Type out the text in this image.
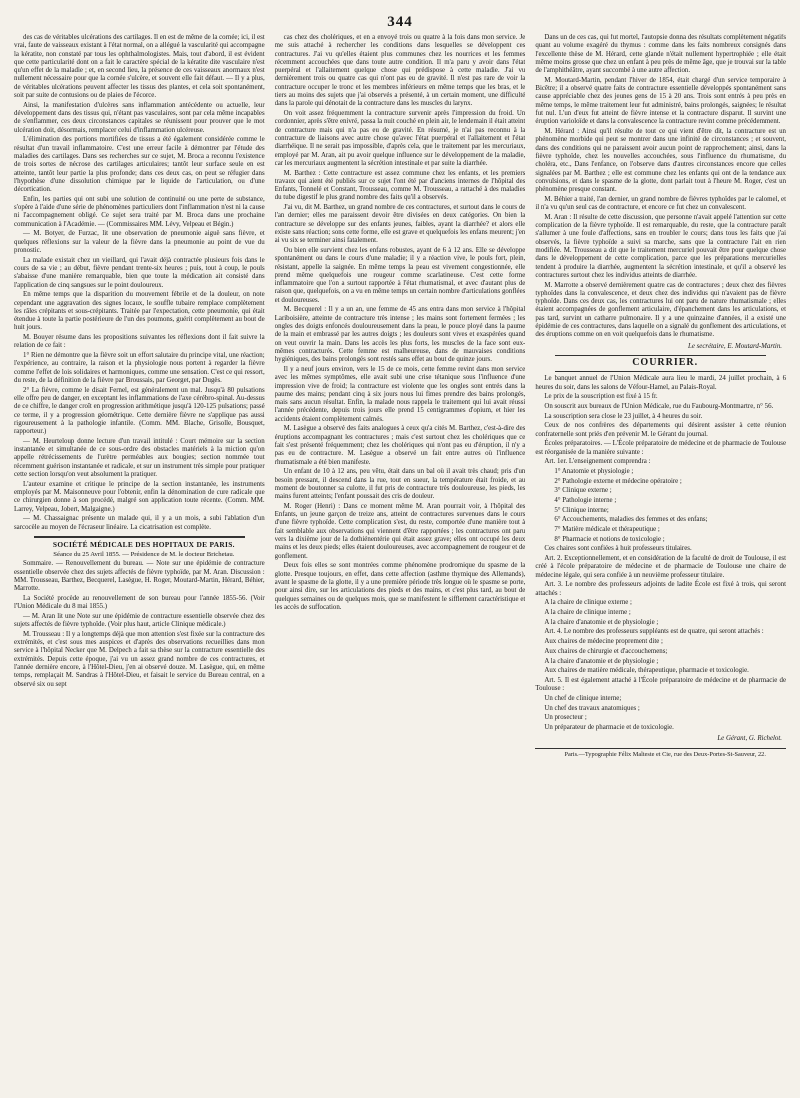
344

des cas de véritables ulcérations des cartilages. Il en est de même de la cornée; ici, il est vrai, faute de vaisseaux existant à l'état normal, on a allégué la vascularité qui accompagne la kératite, non constaté par tous les ophthalmologistes. Mais, tout d'abord, il est évident que cette particularité dont on a fait le caractère spécial de la kératite dite vasculaire n'est qu'un effet de la maladie ; et, en second lieu, la présence de ces vaisseaux anormaux n'est nullement nécessaire pour que la cornée s'ulcère, et souvent elle fait défaut. — Il y a plus, de véritables ulcérations peuvent affecter les tissus des plantes, et cela soit spontanément, soit par suite de contusions ou de plaies de l'écorce.

Ainsi, la manifestation d'ulcères sans inflammation antécédente ou actuelle, leur développement dans des tissus qui, n'étant pas vasculaires, sont par cela même incapables de s'enflammer, ces deux circonstances capitales se réunissent pour prouver que le mot ulcération doit, désormais, remplacer celui d'inflammation ulcéreuse.

L'élimination des portions mortifiées de tissus a été également considérée comme le résultat d'un travail inflammatoire. C'est une erreur facile à démontrer par l'étude des maladies des cartilages. Dans ses recherches sur ce sujet, M. Broca a reconnu l'existence de trois sortes de nécrose des cartilages articulaires; tantôt leur surface seule en est atteinte, tantôt leur partie la plus profonde; dans ces deux cas, on peut se réfugier dans l'hypothèse d'une dissolution chimique par le liquide de l'articulation, ou d'une décortication.

Enfin, les parties qui ont subi une solution de continuité ou une perte de substance, s'opère à l'aide d'une série de phénomènes particuliers dont l'inflammation n'est ni la cause ni l'accompagnement obligé. Ce sujet sera traité par M. Broca dans une prochaine communication à l'Académie. — (Commissaires MM. Lévy, Velpeau et Bégin.)

— M. Botyer, de Furzac, lit une observation de pneumonie aiguë sans fièvre, et quelques réflexions sur la valeur de la fièvre dans la pneumonie au point de vue du pronostic.

La malade existait chez un vieillard, qui l'avait déjà contractée plusieurs fois dans le cours de sa vie ; au début, fièvre pendant trente-six heures ; puis, tout à coup, le pouls s'abaisse d'une manière remarquable, bien que toute la médication ait consisté dans l'application de cinq sangsues sur le point douloureux.

En même temps que la disparition du mouvement fébrile et de la douleur, on note cependant une aggravation des signes locaux, le souffle tubaire remplace complètement les râles crépitants et sous-crépitants. Traitée par l'expectation, cette pneumonie, qui était étendue à toute la partie postérieure de l'un des poumons, guérit complètement au bout de huit jours.

M. Bouyer résume dans les propositions suivantes les réflexions dont il fait suivre la relation de ce fait :

1° Rien ne démontre que la fièvre soit un effort salutaire du principe vital, une réaction; l'expérience, au contraire, la raison et la physiologie nous portent à regarder la fièvre comme l'effet de lois solidaires et harmoniques, comme une sensation. C'est ce qui ressort, du reste, de la définition de la fièvre par Broussais, par Georget, par Dugès.

2° La fièvre, comme le disait Fernel, est généralement un mal. Jusqu'à 80 pulsations elle offre peu de danger, en exceptant les inflammations de l'axe cérébro-spinal. Au-dessus de ce chiffre, le danger croît en progression arithmétique jusqu'à 120-125 pulsations; passé ce terme, il y a progression géométrique. Cette dernière fièvre ne s'applique pas aussi rigoureusement à la pathologie infantile. (Comm. MM. Blache, Grisolle, Bousquet, rapporteur.)

— M. Heurteloup donne lecture d'un travail intitulé : Court mémoire sur la section instantanée et simultanée de ce sous-ordre des obstacles matériels à la miction qu'on appelle rétrécissements de l'urètre perméables aux bougies; section nommée tout récemment guérison instantanée et radicale, et sur un instrument très simple pour pratiquer cette section lorsqu'on veut absolument la pratiquer.

L'auteur examine et critique le principe de la section instantanée, les instruments employés par M. Maisonneuve pour l'obtenir, enfin la dénomination de cure radicale que ce chirurgien donne à son procédé, malgré son application toute récente. (Comm. MM. Larrey, Velpeau, Jobert, Malgaigne.)

— M. Chassaignac présente un malade qui, il y a un mois, a subi l'ablation d'un sarcocèle au moyen de l'écraseur linéaire. La cicatrisation est complète.

SOCIÉTÉ MÉDICALE DES HOPITAUX DE PARIS.

Séance du 25 Avril 1855. — Présidence de M. le docteur Brichetau.

Sommaire. — Renouvellement du bureau. — Note sur une épidémie de contracture essentielle observée chez des sujets affectés de fièvre typhoïde, par M. Aran. Discussion : MM. Trousseau, Barthez, Becquerel, Lasègue, H. Roger, Moutard-Martin, Hérard, Béhier, Marrotte.

La Société procède au renouvellement de son bureau pour l'année 1855-56. (Voir l'Union Médicale du 8 mai 1855.)

— M. Aran lit une Note sur une épidémie de contracture essentielle observée chez des sujets affectés de fièvre typhoïde. (Voir plus haut, article Clinique médicale.)

M. Trousseau : Il y a longtemps déjà que mon attention s'est fixée sur la contracture des extrémités, et c'est sous mes auspices et d'après des observations recueillies dans mon service à l'hôpital Necker que M. Delpech a fait sa thèse sur la contracture essentielle des extrémités. Depuis cette époque, j'ai vu un assez grand nombre de ces contractures, et l'année dernière encore, à l'Hôtel-Dieu, j'en ai observé douze. M. Lasègue, qui, en même temps, remplaçait M. Sandras à l'Hôtel-Dieu, et faisait le service du Bureau central, en a observé six ou sept

cas chez des cholériques, et en a envoyé trois ou quatre à la fois dans mon service. Je me suis attaché à rechercher les conditions dans lesquelles se développent ces contractures. J'ai vu qu'elles étaient plus communes chez les nourrices et les femmes récemment accouchées que dans toute autre condition. Il m'a paru y avoir dans l'état puerpéral et l'allaitement quelque chose qui prédispose à cette maladie. J'ai vu dernièrement trois ou quatre cas qui n'ont pas eu de gravité. Il n'est pas rare de voir la contracture occuper le tronc et les membres inférieurs en même temps que les bras, et le tiers au moins des sujets que j'ai observés a présenté, à un certain moment, une difficulté dans la parole qui dénotait de la contracture dans les muscles du larynx.

On voit assez fréquemment la contracture survenir après l'impression du froid. Un cordonnier, après s'être enivré, passa la nuit couché en plein air, le lendemain il était atteint de contracture mais qui n'a pas eu de gravité. En résumé, je n'ai pas reconnu à la contracture de liaisons avec autre chose qu'avec l'état puerpéral et l'allaitement et l'état diarrhéique. Il ne serait pas impossible, d'après cela, que le traitement par les mercuriaux, employé par M. Aran, ait pu avoir quelque influence sur le développement de la maladie, car les mercuriaux augmentent la sécrétion intestinale et par suite la diarrhée.

M. Barthez : Cette contracture est assez commune chez les enfants, et les premiers travaux qui aient été publiés sur ce sujet l'ont été par d'anciens internes de l'hôpital des Enfants, Tonnelé et Constant, Trousseau, comme M. Trousseau, a rattaché à des maladies du tube digestif le plus grand nombre des faits qu'il a observés.

J'ai vu, dit M. Barthez, un grand nombre de ces contractures, et surtout dans le cours de l'an dernier; elles me paraissent devoir être divisées en deux catégories. On bien la contracture se développe sur des enfants jeunes, faibles, ayant la diarrhée? et alors elle existe sans réaction; sons cette forme, elle est grave et quelquefois les enfans meurent; j'en ai vu six se terminer ainsi fatalement.

Ou bien elle survient chez les enfans robustes, ayant de 6 à 12 ans. Elle se développe spontanément ou dans le cours d'une maladie; il y a réaction vive, le pouls fort, plein, résistant, appelle la saignée. En même temps la peau est vivement congestionnée, elle prend même quelquefois une rougeur comme scarlatineuse. C'est cette forme inflammatoire que l'on a surtout rapportée à l'état rhumatismal, et avec d'autant plus de raison que, quelquefois, on a vu en même temps un certain nombre d'articulations gonflées et douloureuses.

M. Becquerel : Il y a un an, une femme de 45 ans entra dans mon service à l'hôpital Lariboisière, atteinte de contracture très intense ; les mains sont fortement fermées ; les ongles des doigts enfoncés douloureusement dans la peau, le pouce ployé dans la paume de la main et embrassé par les autres doigts ; les douleurs sont vives et exaspérées quand on veut ouvrir la main. Dans les accès les plus forts, les muscles de la face sont eux-mêmes contracturés. Cette femme est malheureuse, dans de mauvaises conditions hygiéniques, des bains prolongés sont restés sans effet au bout de quinze jours.

Il y a neuf jours environ, vers le 15 de ce mois, cette femme revint dans mon service avec les mêmes symptômes, elle avait subi une crise tétanique sous l'influence d'une impression vive de froid; la contracture est violente que les ongles sont entrés dans la paume des mains; pendant cinq à six jours nous lui fimes prendre des bains prolongés, mais sans aucun résultat. Enfin, la malade nous rappela le traitement qui lui avait réussi l'année précédente, depuis trois jours elle prend 15 centigrammes d'opium, et hier les accidents étaient complètement calmés.

M. Lasègue a observé des faits analogues à ceux qu'a cités M. Barthez, c'est-à-dire des éruptions accompagnant les contractures ; mais c'est surtout chez les cholériques que ce fait s'est présenté fréquemment; chez les cholériques qui n'ont pas eu d'éruption, il n'y a pas eu de contracture. M. Lasègue a observé un fait entre autres où l'influence rhumatismale a été bien manifeste.

Un enfant de 10 à 12 ans, peu vêtu, était dans un bal où il avait très chaud; pris d'un besoin pressant, il descend dans la rue, tout en sueur, la température était froide, et au moment de boutonner sa culotte, il fut pris de contracture très douloureuse, les pieds, les mains furent atteints; l'enfant poussait des cris de douleur.

M. Roger (Henri) : Dans ce moment même M. Aran pourrait voir, à l'hôpital des Enfants, un jeune garçon de treize ans, atteint de contractures survenues dans le cours d'une fièvre typhoïde. Cette complication s'est, du reste, comportée d'une manière tout à fait semblable aux observations qui viennent d'être rapportées ; les contractures ont paru vers la dixième jour de la dothiénentérie qui était assez grave; elles ont occupé les deux mains et les deux pieds; elles étaient douloureuses, avec accompagnement de rougeur et de gonflement.

Deux fois elles se sont montrées comme phénomène prodromique du spasme de la glotte. Presque toujours, en effet, dans cette affection (asthme thymique des Allemands), avant le spasme de la glotte, il y a une première période très longue où le spasme se porte, pour ainsi dire, sur les articulations des pieds et des mains, et c'est plus tard, au bout de quelques semaines ou de quelques mois, que se manifestent le sifflement caractéristique et les accès de suffocation.

Dans un de ces cas, qui fut mortel, l'autopsie donna des résultats complètement négatifs quant au volume exagéré du thymus : comme dans les faits nombreux consignés dans l'excellente thèse de M. Hérard, cette glande n'était nullement hypertrophiée ; elle était même moins grosse que chez un enfant à peu près de même âge, que je trouvai sur la table de l'amphithéâtre, ayant succombé à une autre affection.

M. Moutard-Martin, pendant l'hiver de 1854, était chargé d'un service temporaire à Bicêtre; il a observé quatre faits de contracture essentielle développés spontanément sans cause appréciable chez des jeunes gens de 15 à 20 ans. Trois sont entrés à peu près en même temps, le même traitement leur fut administré, bains prolongés, saignées; le résultat fut nul. L'un d'eux fut atteint de fièvre intense et la contracture disparut. Il survint une éruption varioloïde et dans la convalescence la contracture revint comme précédemment.

M. Hérard : Ainsi qu'il résulte de tout ce qui vient d'être dit, la contracture est un phénomène morbide qui peut se montrer dans une infinité de circonstances ; et souvent, dans des conditions qui ne paraissent avoir aucun point de rapprochement; ainsi, dans la fièvre typhoïde, chez les nouvelles accouchées, sous l'influence du rhumatisme, du choléra, etc., Dans l'enfance, on l'observe dans d'autres circonstances encore que celles signalées par M. Barthez ; elle est commune chez les enfants qui ont de la tendance aux convulsions, et dans le spasme de la glotte, dont parlait tout à l'heure M. Roger, c'est un phénomène presque constant.

M. Béhier a traité, l'an dernier, un grand nombre de fièvres typhoïdes par le calomel, et il n'a vu qu'un seul cas de contracture, et encore ce fut chez un convalescent.

M. Aran : Il résulte de cette discussion, que personne n'avait appelé l'attention sur cette complication de la fièvre typhoïde. Il est remarquable, du reste, que la contracture paraît s'allumer à une foule d'affections, sans en troubler le cours; dans tous les faits que j'ai observés, la fièvre typhoïde a suivi sa marche, sans que la contracture l'ait en rien modifiée. M. Trousseau a dit que le traitement mercuriel pouvait être pour quelque chose dans le développement de cette complication, parce que les préparations mercurielles tendent à produire la diarrhée, augmentent la sécrétion intestinale, et qu'il a observé les contractures surtout chez les individus atteints de diarrhée.

M. Marrotte a observé dernièrement quatre cas de contractures ; deux chez des fièvres typhoïdes dans la convalescence, et deux chez des individus qui n'avaient pas de fièvre typhoïde. Dans ces deux cas, les contractures lui ont paru de nature rhumatismale ; elles étaient accompagnées de gonflement articulaire, d'épanchement dans les articulations, et pas tard, survint un catharre pulmonaire. Il y a une quinzaine d'années, il a existé une épidémie de ces contractures, dans laquelle on a signalé du gonflement des articulations, et des éruptions comme on en voit quelquefois dans le rhumatisme.

Le secrétaire, E. Moutard-Martin.

COURRIER.

Le banquet annuel de l'Union Médicale aura lieu le mardi, 24 juillet prochain, à 6 heures du soir, dans les salons de Véfour-Hamel, au Palais-Royal.

Le prix de la souscription est fixé à 15 fr.

On souscrit aux bureaux de l'Union Médicale, rue du Faubourg-Montmartre, n° 56.

La souscription sera close le 23 juillet, à 4 heures du soir.

Ceux de nos confrères des départements qui désirent assister à cette réunion confraternelle sont priés d'en prévenir M. le Gérant du journal.

Écoles préparatoires. — L'École préparatoire de médecine et de pharmacie de Toulouse est réorganisée de la manière suivante :

Art. 1er. L'enseignement comprendra :

1° Anatomie et physiologie ;

2° Pathologie externe et médecine opératoire ;

3° Clinique externe ;

4° Pathologie interne ;

5° Clinique interne;

6° Accouchements, maladies des femmes et des enfans;

7° Matière médicale et thérapeutique ;

8° Pharmacie et notions de toxicologie ;

Ces chaires sont confiées à huit professeurs titulaires.

Art. 2. Exceptionnellement, et en considération de la faculté de droit de Toulouse, il est créé à l'école préparatoire de médecine et de pharmacie de Toulouse une chaire de médecine légale, qui sera confiée à un neuvième professeur titulaire.

Art. 3. Le nombre des professeurs adjoints de ladite École est fixé à trois, qui seront attachés :

A la chaire de clinique externe ;

A la chaire de clinique interne ;

A la chaire d'anatomie et de physiologie ;

Art. 4. Le nombre des professeurs suppléants est de quatre, qui seront attachés :

Aux chaires de médecine proprement dite ;

Aux chaires de chirurgie et d'accouchemens;

A la chaire d'anatomie et de physiologie ;

Aux chaires de matière médicale, thérapeutique, pharmacie et toxicologie.

Art. 5. Il est également attaché à l'École préparatoire de médecine et de pharmacie de Toulouse :

Un chef de clinique interne;

Un chef des travaux anatomiques ;

Un prosecteur ;

Un préparateur de pharmacie et de toxicologie.

Le Gérant, G. Richelot.

Paris.—Typographie Félix Malteste et Cie, rue des Deux-Portes-St-Sauveur, 22.
